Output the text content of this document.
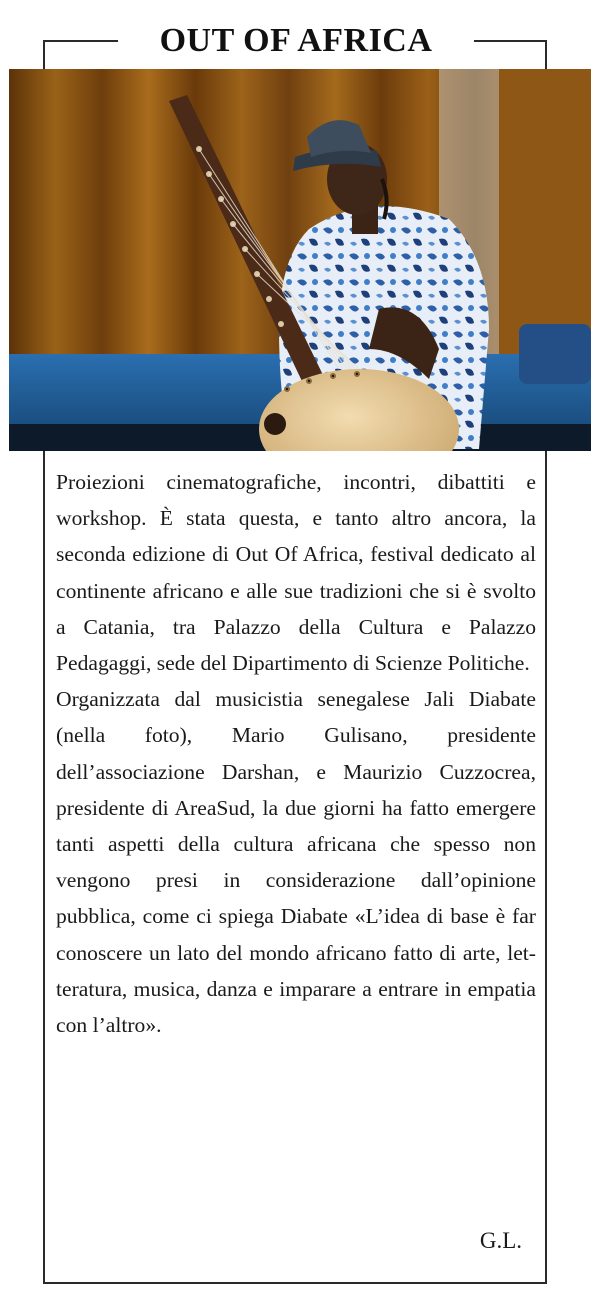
OUT OF AFRICA

Proiezioni cinematografiche, incontri, dibattiti e workshop. È stata questa, e tanto altro ancora, la seconda edizione di Out Of Africa, festival dedicato al continente africano e alle sue tradizioni che si è svolto a Catania, tra Palazzo della Cultura e Palazzo Pedagaggi, sede del Dipartimento di Scienze Politiche.

Organizzata dal musicistia senegalese Jali Diabate (nella foto), Mario Gulisano, presidente dell’associazione Darshan, e Maurizio Cuzzocrea, presidente di AreaSud, la due giorni ha fatto emergere tanti aspetti della cultura africana che spesso non vengono presi in considerazione dall’opinione pubblica, come ci spiega Diabate «L’idea di base è far conoscere un lato del mondo africano fatto di arte, letteratura, musica, danza e imparare a entrare in empatia con l’altro».

G.L.
